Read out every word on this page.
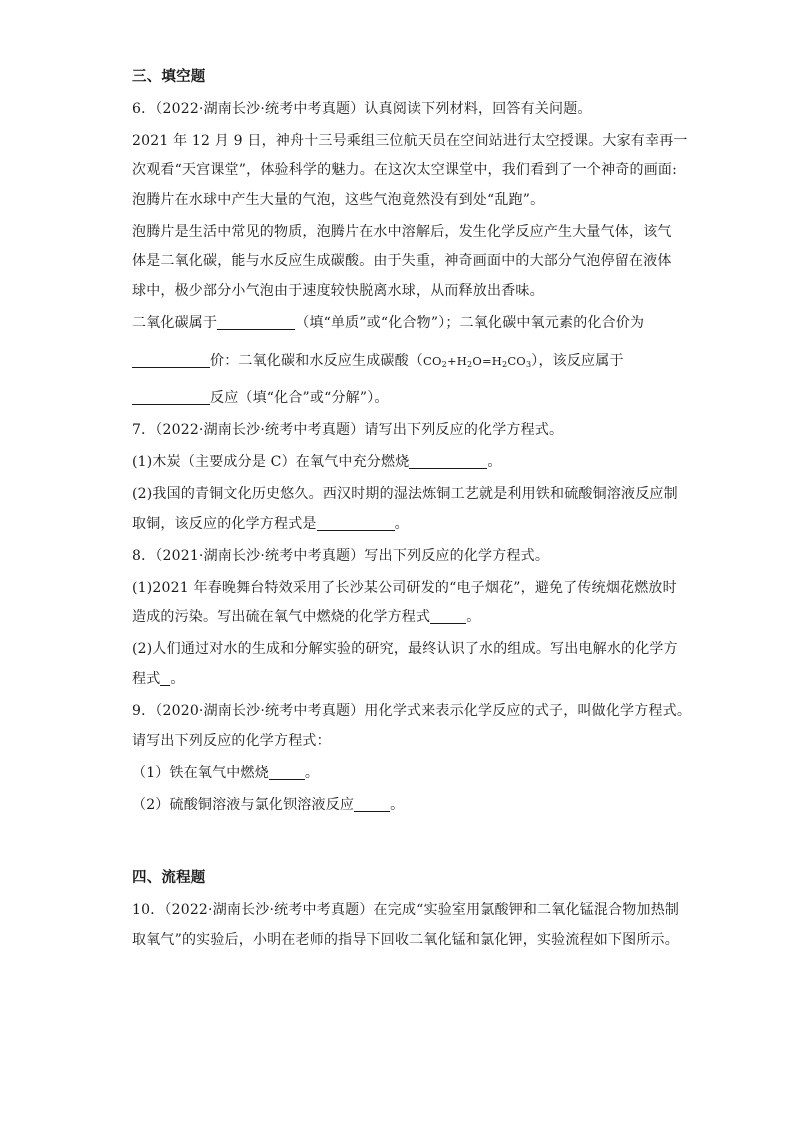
三、填空题
6．（2022·湖南长沙·统考中考真题）认真阅读下列材料，回答有关问题。
2021 年 12 月 9 日，神舟十三号乘组三位航天员在空间站进行太空授课。大家有幸再一
次观看“天宫课堂”，体验科学的魅力。在这次太空课堂中，我们看到了一个神奇的画面:
泡腾片在水球中产生大量的气泡，这些气泡竟然没有到处“乱跑”。
泡腾片是生活中常见的物质，泡腾片在水中溶解后，发生化学反应产生大量气体，该气
体是二氧化碳，能与水反应生成碳酸。由于失重，神奇画面中的大部分气泡停留在液体
球中，极少部分小气泡由于速度较快脱离水球，从而释放出香味。
二氧化碳属于	（填“单质”或“化合物”）；二氧化碳中氧元素的化合价为
价：二氧化碳和水反应生成碳酸$(CO_2+H_2O=H_2CO_3)$，该反应属于
反应（填“化合”或“分解”）。
7．（2022·湖南长沙·统考中考真题）请写出下列反应的化学方程式。
(1)木炭（主要成分是 C）在氧气中充分燃烧	。
(2)我国的青铜文化历史悠久。西汉时期的湿法炼铜工艺就是利用铁和硫酸铜溶液反应制
取铜，该反应的化学方程式是	。
8．（2021·湖南长沙·统考中考真题）写出下列反应的化学方程式。
(1)2021 年春晚舞台特效采用了长沙某公司研发的“电子烟花”，避免了传统烟花燃放时
造成的污染。写出硫在氧气中燃烧的化学方程式	。
(2)人们通过对水的生成和分解实验的研究，最终认识了水的组成。写出电解水的化学方
程式 。
9．（2020·湖南长沙·统考中考真题）用化学式来表示化学反应的式子，叫做化学方程式。
请写出下列反应的化学方程式：
（1）铁在氧气中燃烧	。
（2）硫酸铜溶液与氯化钡溶液反应	。
四、流程题
10．（2022·湖南长沙·统考中考真题）在完成“实验室用氯酸钾和二氧化锰混合物加热制
取氧气”的实验后，小明在老师的指导下回收二氧化锰和氯化钾，实验流程如下图所示。
